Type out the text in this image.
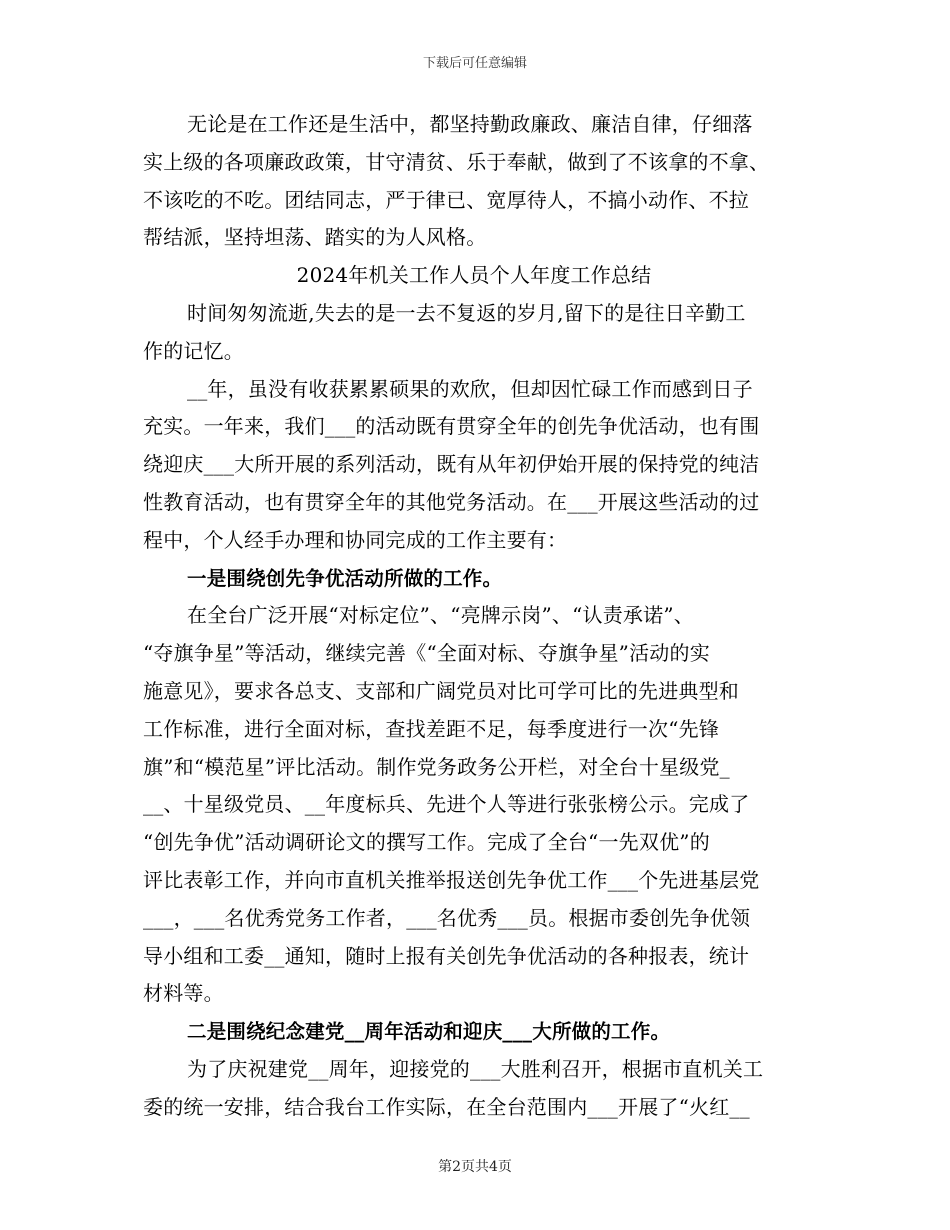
下载后可任意编辑
无论是在工作还是生活中，都坚持勤政廉政、廉洁自律，仔细落
实上级的各项廉政政策，甘守清贫、乐于奉献，做到了不该拿的不拿、
不该吃的不吃。团结同志，严于律已、宽厚待人，不搞小动作、不拉
帮结派，坚持坦荡、踏实的为人风格。
2024年机关工作人员个人年度工作总结
时间匆匆流逝,失去的是一去不复返的岁月,留下的是往日辛勤工
作的记忆。
__年，虽没有收获累累硕果的欢欣，但却因忙碌工作而感到日子
充实。一年来，我们___的活动既有贯穿全年的创先争优活动，也有围
绕迎庆___大所开展的系列活动，既有从年初伊始开展的保持党的纯洁
性教育活动，也有贯穿全年的其他党务活动。在___开展这些活动的过
程中，个人经手办理和协同完成的工作主要有：
一是围绕创先争优活动所做的工作。
在全台广泛开展“对标定位”、“亮牌示岗”、“认责承诺”、
“夺旗争星”等活动，继续完善《“全面对标、夺旗争星”活动的实
施意见》，要求各总支、支部和广阔党员对比可学可比的先进典型和
工作标准，进行全面对标，查找差距不足，每季度进行一次“先锋
旗”和“模范星”评比活动。制作党务政务公开栏，对全台十星级党_
__、十星级党员、__年度标兵、先进个人等进行张张榜公示。完成了
“创先争优”活动调研论文的撰写工作。完成了全台“一先双优”的
评比表彰工作，并向市直机关推举报送创先争优工作___个先进基层党
___，___名优秀党务工作者，___名优秀___员。根据市委创先争优领
导小组和工委__通知，随时上报有关创先争优活动的各种报表，统计
材料等。
二是围绕纪念建党__周年活动和迎庆___大所做的工作。
为了庆祝建党__周年，迎接党的___大胜利召开，根据市直机关工
委的统一安排，结合我台工作实际，在全台范围内___开展了“火红__
第2页共4页
